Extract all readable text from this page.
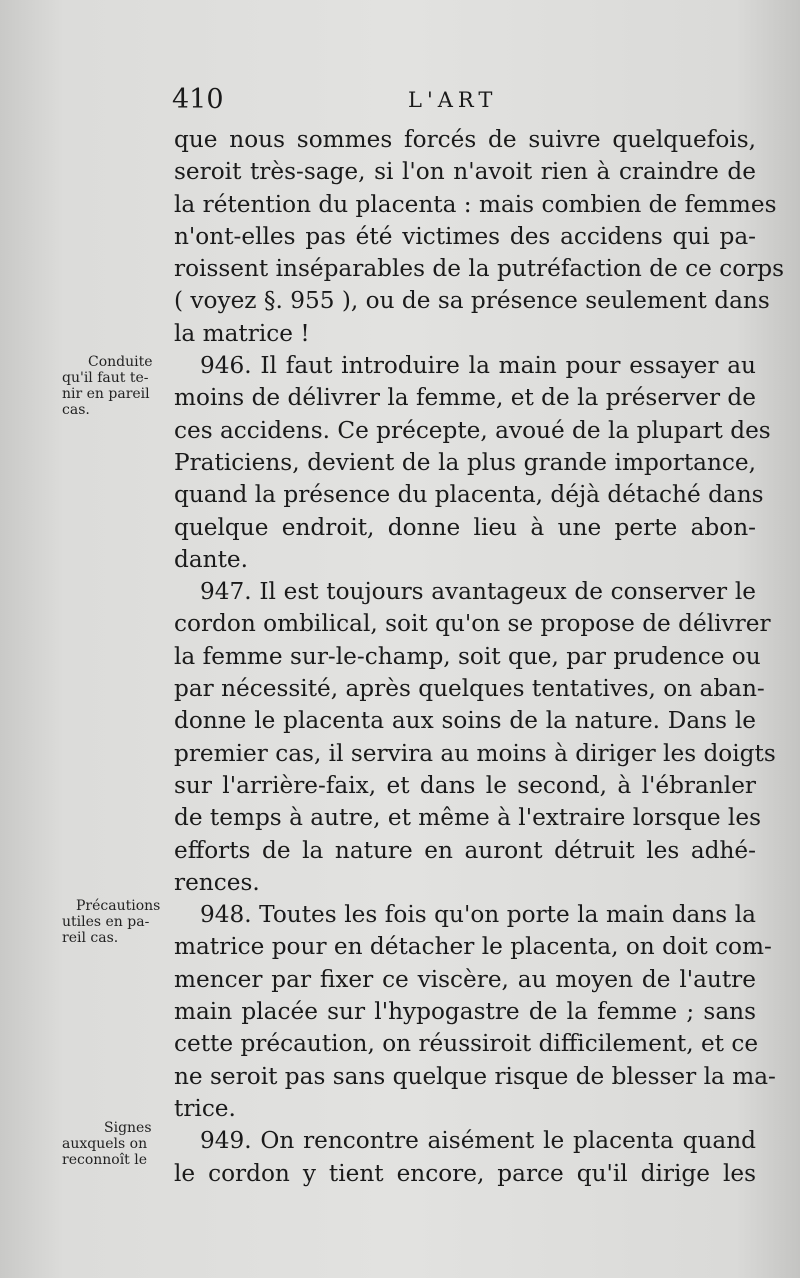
410	L'ART
que nous sommes forcés de suivre quelquefois,
seroit très-sage, si l'on n'avoit rien à craindre de
la rétention du placenta : mais combien de femmes
n'ont-elles pas été victimes des accidens qui pa-
roissent inséparables de la putréfaction de ce corps
( voyez §. 955 ), ou de sa présence seulement dans
la matrice !
946. Il faut introduire la main pour essayer au
moins de délivrer la femme, et de la préserver de
ces accidens. Ce précepte, avoué de la plupart des
Praticiens, devient de la plus grande importance,
quand la présence du placenta, déjà détaché dans
quelque endroit, donne lieu à une perte abon-
dante.
947. Il est toujours avantageux de conserver le
cordon ombilical, soit qu'on se propose de délivrer
la femme sur-le-champ, soit que, par prudence ou
par nécessité, après quelques tentatives, on aban-
donne le placenta aux soins de la nature. Dans le
premier cas, il servira au moins à diriger les doigts
sur l'arrière-faix, et dans le second, à l'ébranler
de temps à autre, et même à l'extraire lorsque les
efforts de la nature en auront détruit les adhé-
rences.
948. Toutes les fois qu'on porte la main dans la
matrice pour en détacher le placenta, on doit com-
mencer par fixer ce viscère, au moyen de l'autre
main placée sur l'hypogastre de la femme ; sans
cette précaution, on réussiroit difficilement, et ce
ne seroit pas sans quelque risque de blesser la ma-
trice.
949. On rencontre aisément le placenta quand
le cordon y tient encore, parce qu'il dirige les
Conduite
qu'il faut te-
nir en pareil
cas.
Précautions
utiles en pa-
reil cas.
Signes
auxquels on
reconnoît le
